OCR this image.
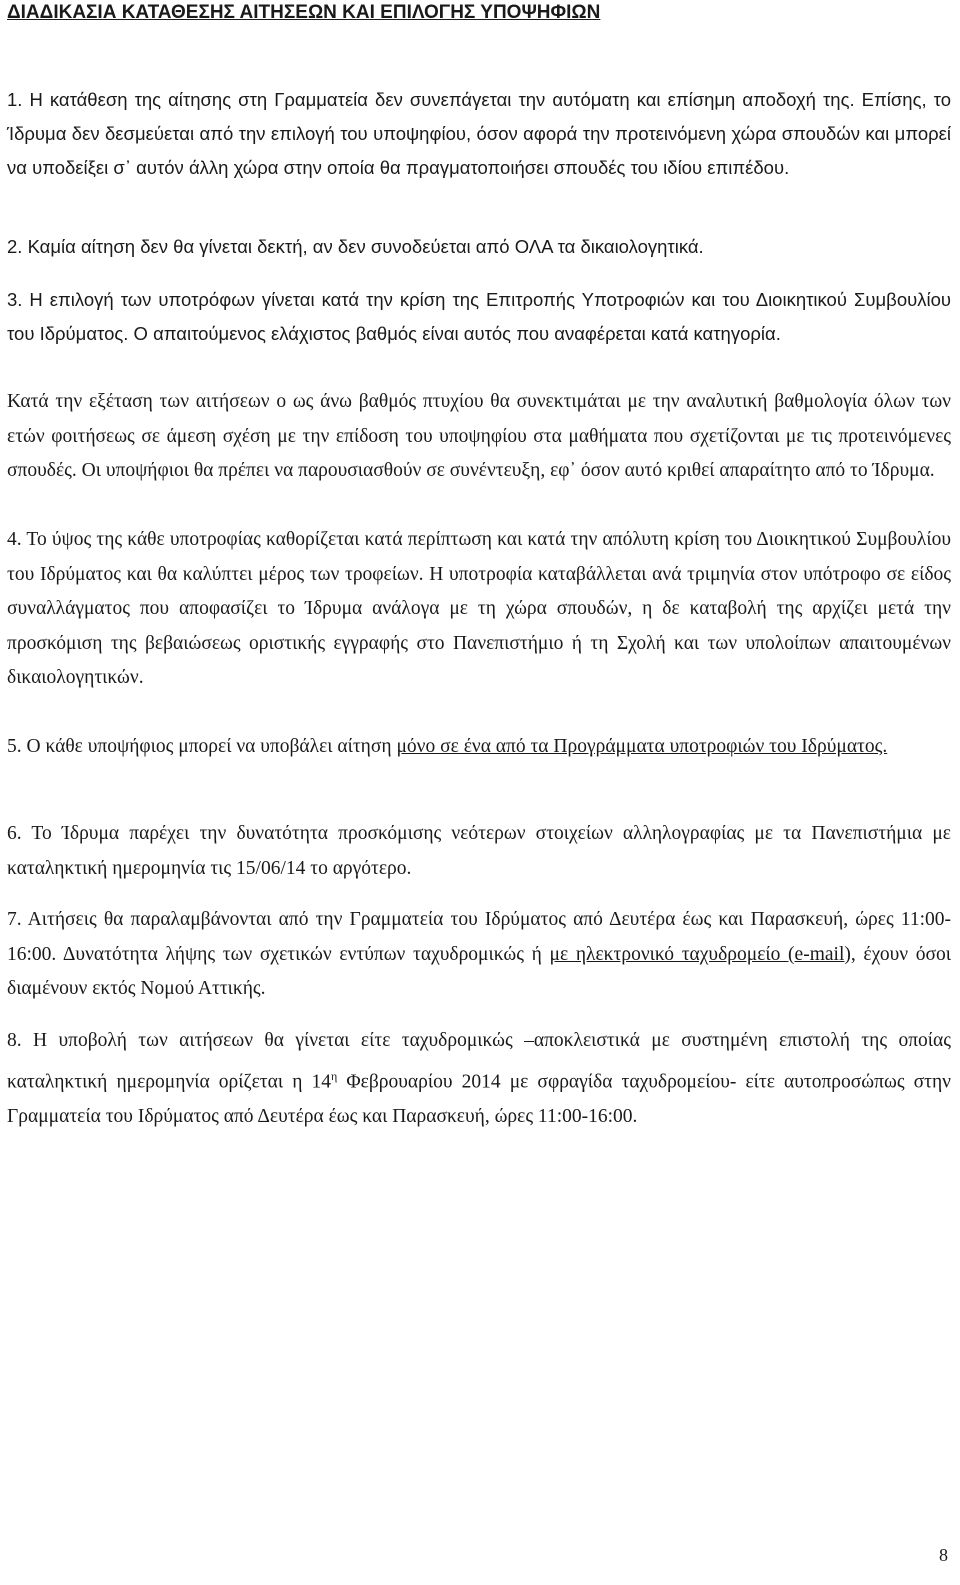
ΔΙΑΔΙΚΑΣΙΑ ΚΑΤΑΘΕΣΗΣ ΑΙΤΗΣΕΩΝ ΚΑΙ ΕΠΙΛΟΓΗΣ ΥΠΟΨΗΦΙΩΝ
1. Η κατάθεση της αίτησης στη Γραμματεία δεν συνεπάγεται την αυτόματη και επίσημη αποδοχή της. Επίσης, το Ίδρυμα δεν δεσμεύεται από την επιλογή του υποψηφίου, όσον αφορά την προτεινόμενη χώρα σπουδών και μπορεί να υποδείξει σ᾽ αυτόν άλλη χώρα στην οποία θα πραγματοποιήσει σπουδές του ιδίου επιπέδου.
2. Καμία αίτηση δεν θα γίνεται δεκτή, αν δεν συνοδεύεται από ΟΛΑ τα δικαιολογητικά.
3. Η επιλογή των υποτρόφων γίνεται κατά την κρίση της Επιτροπής Υποτροφιών και του Διοικητικού Συμβουλίου του Ιδρύματος. Ο απαιτούμενος ελάχιστος βαθμός είναι αυτός που αναφέρεται κατά κατηγορία.
Κατά την εξέταση των αιτήσεων ο ως άνω βαθμός πτυχίου θα συνεκτιμάται με την αναλυτική βαθμολογία όλων των ετών φοιτήσεως σε άμεση σχέση με την επίδοση του υποψηφίου στα μαθήματα που σχετίζονται με τις προτεινόμενες σπουδές. Οι υποψήφιοι θα πρέπει να παρουσιασθούν σε συνέντευξη, εφ᾽ όσον αυτό κριθεί απαραίτητο από το Ίδρυμα.
4. Το ύψος της κάθε υποτροφίας καθορίζεται κατά περίπτωση και κατά την απόλυτη κρίση του Διοικητικού Συμβουλίου του Ιδρύματος και θα καλύπτει μέρος των τροφείων. Η υποτροφία καταβάλλεται ανά τριμηνία στον υπότροφο σε είδος συναλλάγματος που αποφασίζει το Ίδρυμα ανάλογα με τη χώρα σπουδών, η δε καταβολή της αρχίζει μετά την προσκόμιση της βεβαιώσεως οριστικής εγγραφής στο Πανεπιστήμιο ή τη Σχολή και των υπολοίπων απαιτουμένων δικαιολογητικών.
5. Ο κάθε υποψήφιος μπορεί να υποβάλει αίτηση μόνο σε ένα από τα Προγράμματα υποτροφιών του Ιδρύματος.
6. Το Ίδρυμα παρέχει την δυνατότητα προσκόμισης νεότερων στοιχείων αλληλογραφίας με τα Πανεπιστήμια με καταληκτική ημερομηνία τις 15/06/14 το αργότερο.
7. Αιτήσεις θα παραλαμβάνονται από την Γραμματεία του Ιδρύματος από Δευτέρα έως και Παρασκευή, ώρες 11:00-16:00. Δυνατότητα λήψης των σχετικών εντύπων ταχυδρομικώς ή με ηλεκτρονικό ταχυδρομείο (e-mail), έχουν όσοι διαμένουν εκτός Νομού Αττικής.
8. Η υποβολή των αιτήσεων θα γίνεται είτε ταχυδρομικώς –αποκλειστικά με συστημένη επιστολή της οποίας καταληκτική ημερομηνία ορίζεται η $14^\eta$ Φεβρουαρίου 2014 με σφραγίδα ταχυδρομείου- είτε αυτοπροσώπως στην Γραμματεία του Ιδρύματος από Δευτέρα έως και Παρασκευή, ώρες 11:00-16:00.
8
